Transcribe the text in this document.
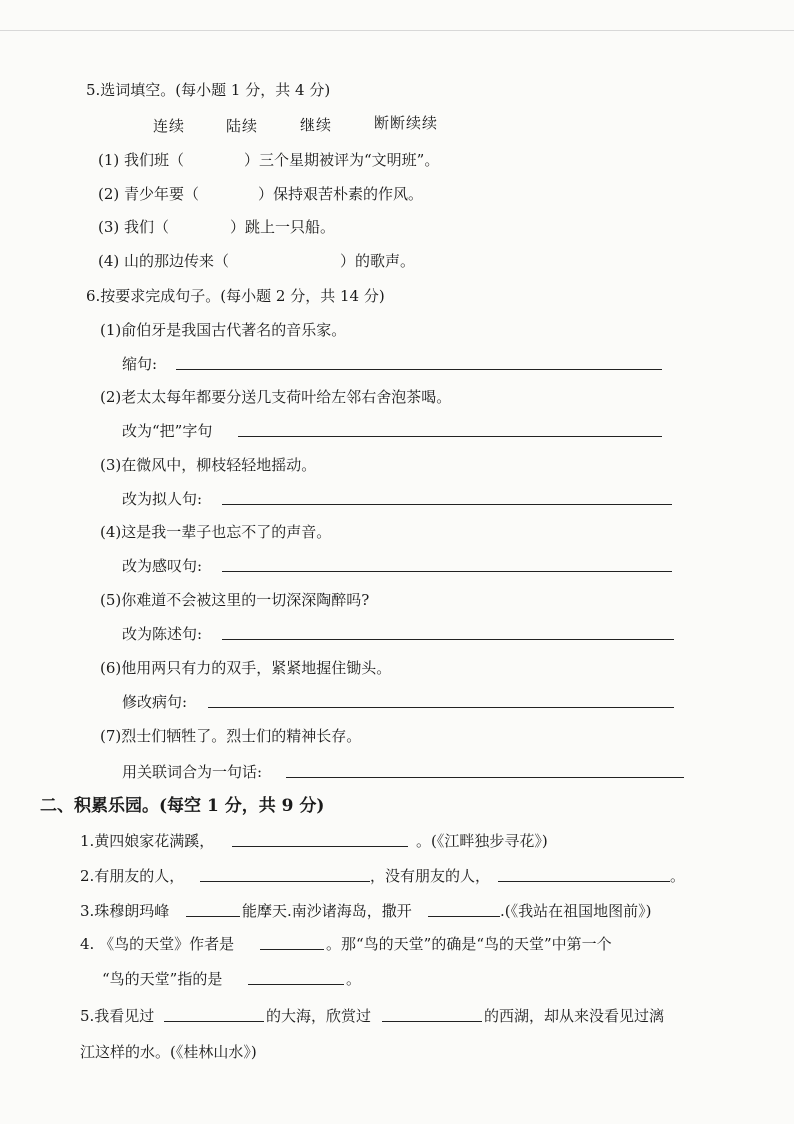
5.选词填空。(每小题 1 分，共 4 分)
连续	陆续	继续	断断续续
(1) 我们班（	）三个星期被评为“文明班”。
(2) 青少年要（	）保持艰苦朴素的作风。
(3) 我们（	）跳上一只船。
(4) 山的那边传来（	）的歌声。
6.按要求完成句子。(每小题 2 分，共 14 分)
(1)俞伯牙是我国古代著名的音乐家。
缩句:
(2)老太太每年都要分送几支荷叶给左邻右舍泡茶喝。
改为“把”字句
(3)在微风中，柳枝轻轻地摇动。
改为拟人句:
(4)这是我一辈子也忘不了的声音。
改为感叹句:
(5)你难道不会被这里的一切深深陶醉吗?
改为陈述句:
(6)他用两只有力的双手，紧紧地握住锄头。
修改病句:
(7)烈士们牺牲了。烈士们的精神长存。
用关联词合为一句话:
二、积累乐园。(每空 1 分，共 9 分)
1.黄四娘家花满蹊，	。(《江畔独步寻花》)
2.有朋友的人，	，没有朋友的人，	。
3.珠穆朗玛峰	能摩天.南沙诸海岛，撒开	.(《我站在祖国地图前》)
4. 《鸟的天堂》作者是	。那“鸟的天堂”的确是“鸟的天堂”中第一个
“鸟的天堂”指的是	。
5.我看见过	的大海，欣赏过	的西湖，却从来没看见过漓
江这样的水。(《桂林山水》)
